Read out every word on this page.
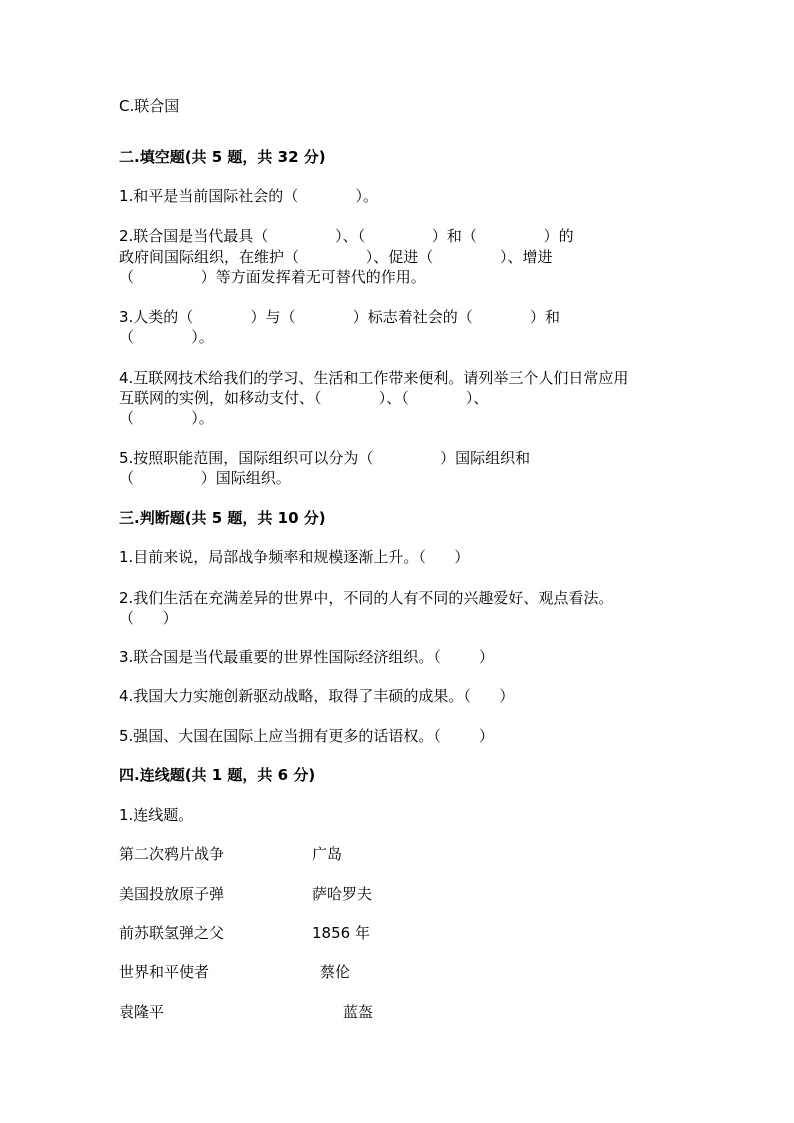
C.联合国
二.填空题(共 5 题，共 32 分)
1.和平是当前国际社会的（            ）。
2.联合国是当代最具（              ）、（              ）和（              ）的
政府间国际组织，在维护（              ）、促进（              ）、增进
（              ）等方面发挥着无可替代的作用。
3.人类的（            ）与（            ）标志着社会的（            ）和
（            ）。
4.互联网技术给我们的学习、生活和工作带来便利。请列举三个人们日常应用
互联网的实例，如移动支付、（            ）、（            ）、
（            ）。
5.按照职能范围，国际组织可以分为（              ）国际组织和
（              ）国际组织。
三.判断题(共 5 题，共 10 分)
1.目前来说，局部战争频率和规模逐渐上升。（      ）
2.我们生活在充满差异的世界中，不同的人有不同的兴趣爱好、观点看法。
（      ）
3.联合国是当代最重要的世界性国际经济组织。（        ）
4.我国大力实施创新驱动战略，取得了丰硕的成果。（      ）
5.强国、大国在国际上应当拥有更多的话语权。（        ）
四.连线题(共 1 题，共 6 分)
1.连线题。
第二次鸦片战争	广岛
美国投放原子弹	萨哈罗夫
前苏联氢弹之父	1856 年
世界和平使者	蔡伦
袁隆平	蓝盔
